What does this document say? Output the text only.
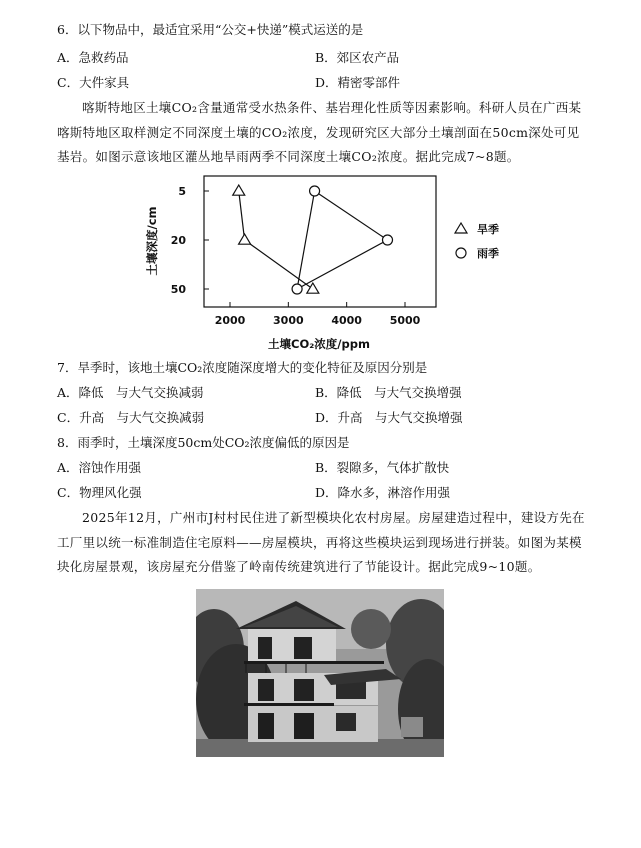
6．以下物品中，最适宜采用“公交+快递”模式运送的是
A．急救药品	B．郊区农产品
C．大件家具	D．精密零部件
喀斯特地区土壤CO₂含量通常受水热条件、基岩理化性质等因素影响。科研人员在广西某喀斯特地区取样测定不同深度土壤的CO₂浓度，发现研究区大部分土壤剖面在50cm深处可见基岩。如图示意该地区灌丛地旱雨两季不同深度土壤CO₂浓度。据此完成7~8题。
2000	3000	4000	5000
5
20
50
旱季
雨季
土壤深度/cm
土壤CO₂浓度/ppm
7．旱季时，该地土壤CO₂浓度随深度增大的变化特征及原因分别是
A．降低　与大气交换减弱	B．降低　与大气交换增强
C．升高　与大气交换减弱	D．升高　与大气交换增强
8．雨季时，土壤深度50cm处CO₂浓度偏低的原因是
A．溶蚀作用强	B．裂隙多，气体扩散快
C．物理风化强	D．降水多，淋溶作用强
2025年12月，广州市J村村民住进了新型模块化农村房屋。房屋建造过程中，建设方先在工厂里以统一标准制造住宅原料——房屋模块，再将这些模块运到现场进行拼装。如图为某模块化房屋景观，该房屋充分借鉴了岭南传统建筑进行了节能设计。据此完成9~10题。
